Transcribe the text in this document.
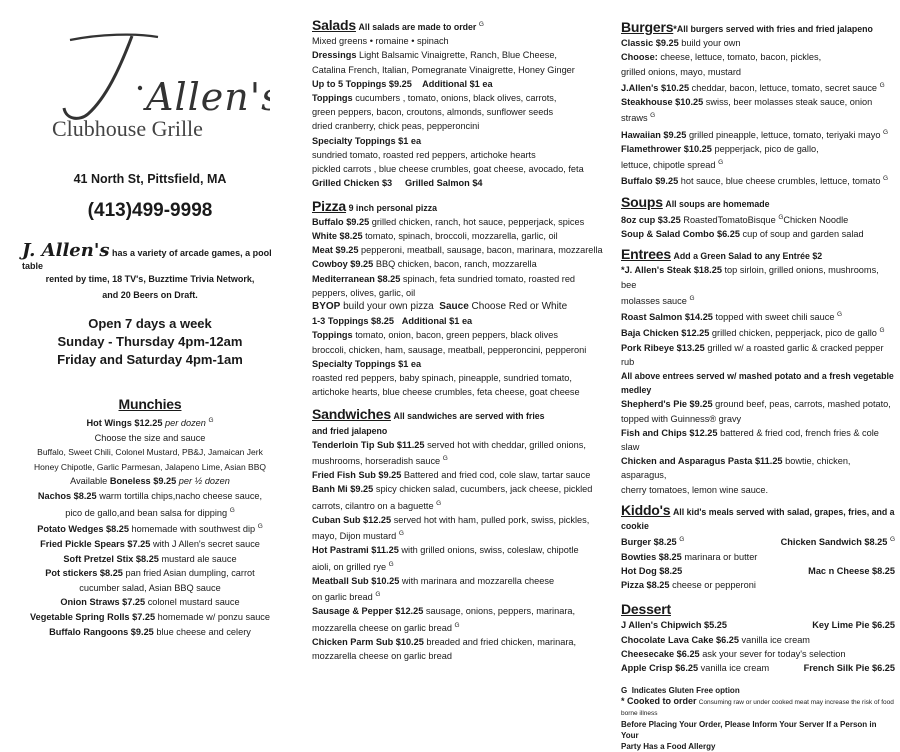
Allen's
Clubhouse Grille
41 North St, Pittsfield, MA
(413)499-9998
J. Allen's has a variety of arcade games, a pool table
rented by time, 18 TV's, Buzztime Trivia Network,
and 20 Beers on Draft.
Open 7 days a week
Sunday - Thursday 4pm-12am
Friday and Saturday 4pm-1am
Munchies

Hot Wings $12.25 per dozen $^G$

Choose the size and sauce

Buffalo, Sweet Chili, Colonel Mustard, PB&J, Jamaican Jerk

Honey Chipotle, Garlic Parmesan, Jalapeno Lime, Asian BBQ

Available Boneless $9.25 per ½ dozen

Nachos $8.25 warm tortilla chips,nacho cheese sauce,

pico de gallo,and bean salsa for dipping $^G$

Potato Wedges $8.25 homemade with southwest dip $^G$

Fried Pickle Spears $7.25 with J Allen's secret sauce

Soft Pretzel Stix $8.25 mustard ale sauce

Pot stickers $8.25 pan fried Asian dumpling, carrot

cucumber salad, Asian BBQ sauce

Onion Straws $7.25 colonel mustard sauce

Vegetable Spring Rolls $7.25 homemade w/ ponzu sauce

Buffalo Rangoons $9.25 blue cheese and celery

Salads All salads are made to order $^G$

Mixed greens • romaine • spinach

Dressings Light Balsamic Vinaigrette, Ranch, Blue Cheese,

Catalina French, Italian, Pomegranate Vinaigrette, Honey Ginger

Up to 5 Toppings $9.25 Additional $1 ea

Toppings cucumbers , tomato, onions, black olives, carrots,

green peppers, bacon, croutons, almonds, sunflower seeds

dried cranberry, chick peas, pepperoncini

Specialty Toppings $1 ea

sundried tomato, roasted red peppers, artichoke hearts

pickled carrots , blue cheese crumbles, goat cheese, avocado, feta

Grilled Chicken $3 Grilled Salmon $4

Pizza 9 inch personal pizza

Buffalo $9.25 grilled chicken, ranch, hot sauce, pepperjack, spices

White $8.25 tomato, spinach, broccoli, mozzarella, garlic, oil

Meat $9.25 pepperoni, meatball, sausage, bacon, marinara, mozzarella

Cowboy $9.25 BBQ chicken, bacon, ranch, mozzarella

Mediterranean $8.25 spinach, feta sundried tomato, roasted red

peppers, olives, garlic, oil

BYOP build your own pizza Sauce Choose Red or White

1-3 Toppings $8.25 Additional $1 ea

Toppings tomato, onion, bacon, green peppers, black olives

broccoli, chicken, ham, sausage, meatball, pepperoncini, pepperoni

Specialty Toppings $1 ea

roasted red peppers, baby spinach, pineapple, sundried tomato,

artichoke hearts, blue cheese crumbles, feta cheese, goat cheese

Sandwiches All sandwiches are served with fries

and fried jalapeno

Tenderloin Tip Sub $11.25 served hot with cheddar, grilled onions,

mushrooms, horseradish sauce $^G$

Fried Fish Sub $9.25 Battered and fried cod, cole slaw, tartar sauce

Banh Mi $9.25 spicy chicken salad, cucumbers, jack cheese, pickled

carrots, cilantro on a baguette $^G$

Cuban Sub $12.25 served hot with ham, pulled pork, swiss, pickles,

mayo, Dijon mustard $^G$

Hot Pastrami $11.25 with grilled onions, swiss, coleslaw, chipotle

aioli, on grilled rye $^G$

Meatball Sub $10.25 with marinara and mozzarella cheese

on garlic bread $^G$

Sausage & Pepper $12.25 sausage, onions, peppers, marinara,

mozzarella cheese on garlic bread $^G$

Chicken Parm Sub $10.25 breaded and fried chicken, marinara,

mozzarella cheese on garlic bread

Burgers*All burgers served with fries and fried jalapeno

Classic $9.25 build your own

Choose: cheese, lettuce, tomato, bacon, pickles,

grilled onions, mayo, mustard

J.Allen's $10.25 cheddar, bacon, lettuce, tomato, secret sauce $^G$

Steakhouse $10.25 swiss, beer molasses steak sauce, onion straws $^G$

Hawaiian $9.25 grilled pineapple, lettuce, tomato, teriyaki mayo $^G$

Flamethrower $10.25 pepperjack, pico de gallo,

lettuce, chipotle spread $^G$

Buffalo $9.25 hot sauce, blue cheese crumbles, lettuce, tomato $^G$

Soups All soups are homemade

8oz cup $3.25 RoastedTomatoBisque $^G$Chicken Noodle

Soup & Salad Combo $6.25 cup of soup and garden salad

Entrees Add a Green Salad to any Entrée $2

*J. Allen's Steak $18.25 top sirloin, grilled onions, mushrooms, bee

molasses sauce $^G$

Roast Salmon $14.25 topped with sweet chili sauce $^G$

Baja Chicken $12.25 grilled chicken, pepperjack, pico de gallo $^G$

Pork Ribeye $13.25 grilled w/ a roasted garlic & cracked pepper rub

All above entrees served w/ mashed potato and a fresh vegetable medley

Shepherd's Pie $9.25 ground beef, peas, carrots, mashed potato,

topped with Guinness® gravy

Fish and Chips $12.25 battered & fried cod, french fries & cole slaw

Chicken and Asparagus Pasta $11.25 bowtie, chicken, asparagus,

cherry tomatoes, lemon wine sauce.

Kiddo's All kid's meals served with salad, grapes, fries, and a cookie

Burger $8.25 $^G$	Chicken Sandwich $8.25 $^G$

Bowties $8.25 marinara or butter

Hot Dog $8.25	Mac n Cheese $8.25

Pizza $8.25 cheese or pepperoni

Dessert

J Allen's Chipwich $5.25	Key Lime Pie $6.25

Chocolate Lava Cake $6.25 vanilla ice cream

Cheesecake $6.25 ask your sever for today's selection

Apple Crisp $6.25 vanilla ice cream	French Silk Pie $6.25

G Indicates Gluten Free option

* Cooked to order Consuming raw or under cooked meat may increase the risk of food

borne illness

Before Placing Your Order, Please Inform Your Server If a Person in Your

Party Has a Food Allergy
